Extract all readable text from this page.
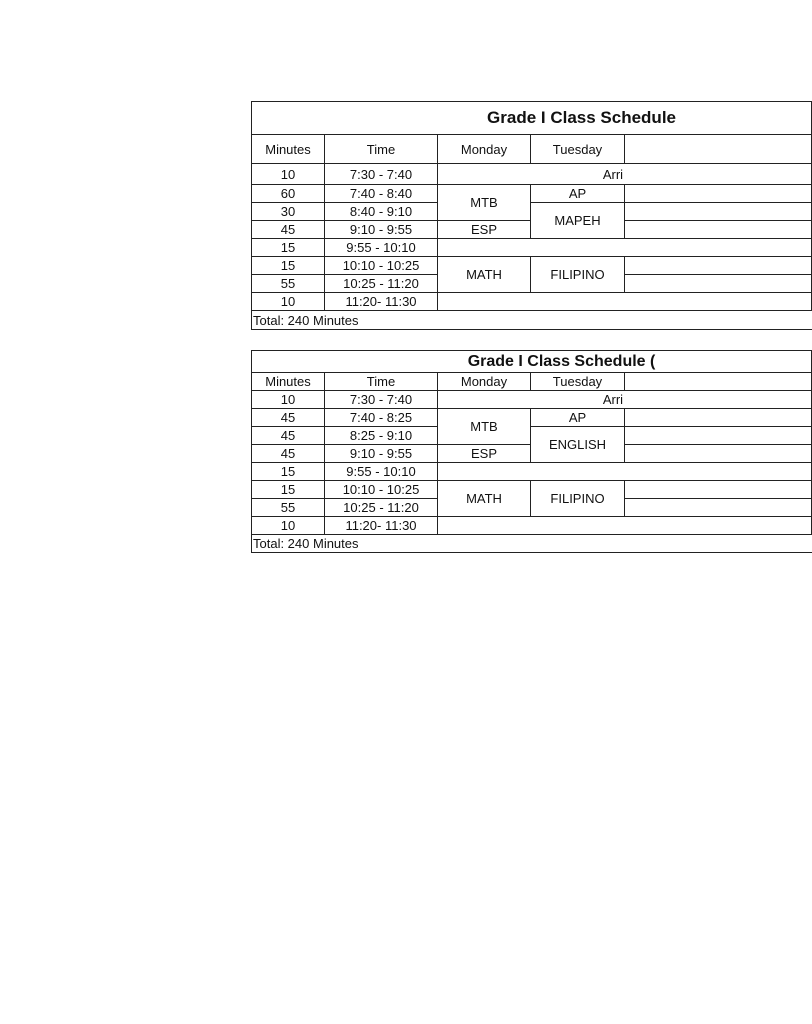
Grade I Class Schedule				
Minutes	Time	Monday	Tuesday	
10	7:30 - 7:40	Arri		
60	7:40 - 8:40	MTB	AP	
30	8:40 - 9:10		MAPEH	
45	9:10 - 9:55	ESP		
15	9:55 - 10:10			
15	10:10 - 10:25	MATH	FILIPINO	
55	10:25 - 11:20			
10	11:20- 11:30			
Total: 240 Minutes				
Grade I Class Schedule (				
Minutes	Time	Monday	Tuesday	
10	7:30 - 7:40	Arri		
45	7:40 - 8:25	MTB	AP	
45	8:25 - 9:10		ENGLISH	
45	9:10 - 9:55	ESP		
15	9:55 - 10:10			
15	10:10 - 10:25	MATH	FILIPINO	
55	10:25 - 11:20			
10	11:20- 11:30			
Total: 240 Minutes				
